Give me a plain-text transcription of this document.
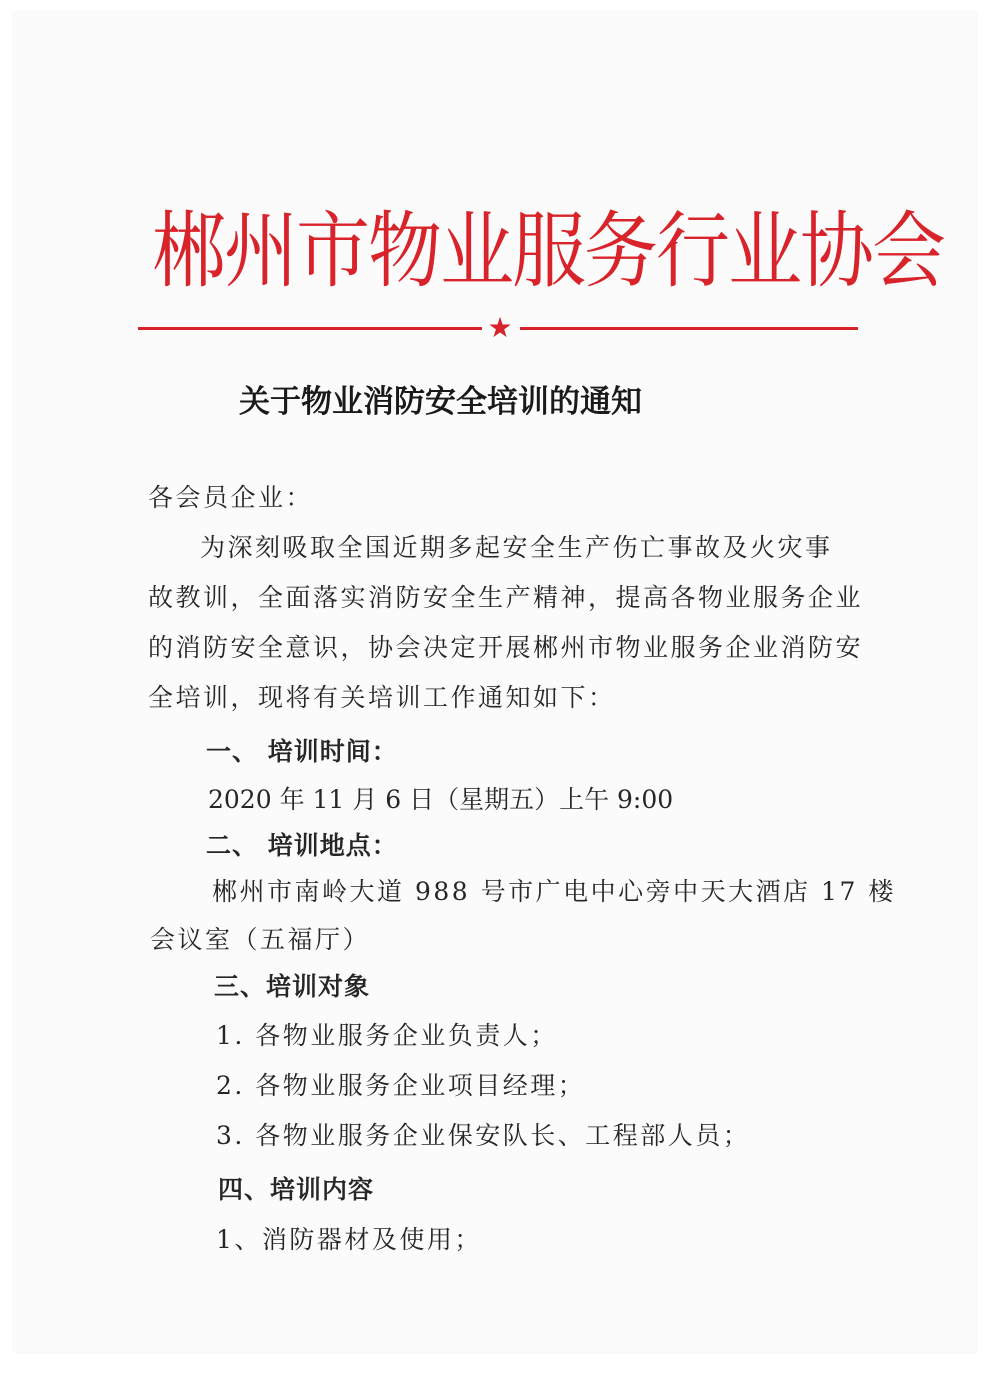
郴州市物业服务行业协会
★
关于物业消防安全培训的通知
各会员企业：
为深刻吸取全国近期多起安全生产伤亡事故及火灾事
故教训，全面落实消防安全生产精神，提高各物业服务企业
的消防安全意识，协会决定开展郴州市物业服务企业消防安
全培训，现将有关培训工作通知如下：
一、 培训时间：
2020 年 11 月 6 日（星期五）上午 9:00
二、 培训地点：
郴州市南岭大道 988 号市广电中心旁中天大酒店 17 楼
会议室（五福厅）
三、培训对象
1. 各物业服务企业负责人；
2. 各物业服务企业项目经理；
3. 各物业服务企业保安队长、工程部人员；
四、培训内容
1、消防器材及使用；
